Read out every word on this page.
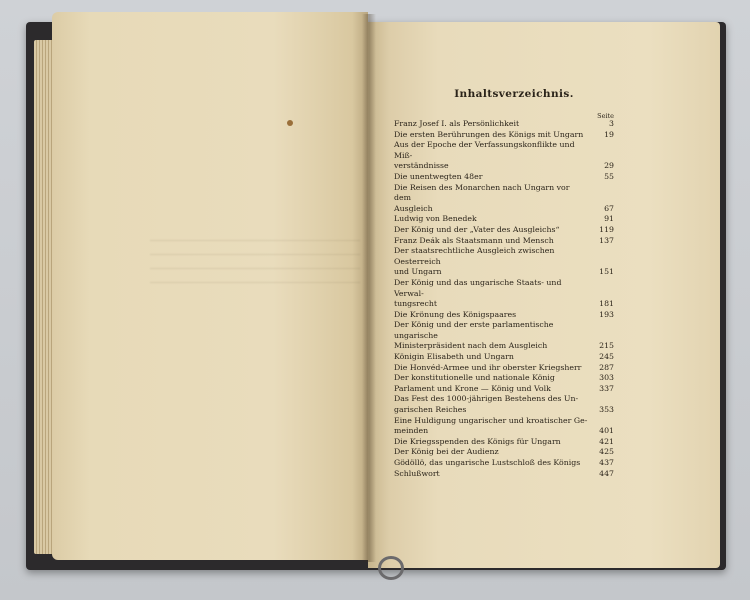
Inhaltsverzeichnis.
Seite
Franz Josef I. als Persönlichkeit	3
Die ersten Berührungen des Königs mit Ungarn	19
Aus der Epoche der Verfassungskonflikte und Miß-
verständnisse	29
Die unentwegten 48er	55
Die Reisen des Monarchen nach Ungarn vor dem
Ausgleich	67
Ludwig von Benedek	91
Der König und der „Vater des Ausgleichs“	119
Franz Deák als Staatsmann und Mensch	137
Der staatsrechtliche Ausgleich zwischen Oesterreich
und Ungarn	151
Der König und das ungarische Staats- und Verwal-
tungsrecht	181
Die Krönung des Königspaares	193
Der König und der erste parlamentische ungarische
Ministerpräsident nach dem Ausgleich	215
Königin Elisabeth und Ungarn	245
Die Honvéd-Armee und ihr oberster Kriegsherr	287
Der konstitutionelle und nationale König	303
Parlament und Krone — König und Volk	337
Das Fest des 1000-jährigen Bestehens des Un-
garischen Reiches	353
Eine Huldigung ungarischer und kroatischer Ge-
meinden	401
Die Kriegsspenden des Königs für Ungarn	421
Der König bei der Audienz	425
Gödöllö, das ungarische Lustschloß des Königs	437
Schlußwort	447
